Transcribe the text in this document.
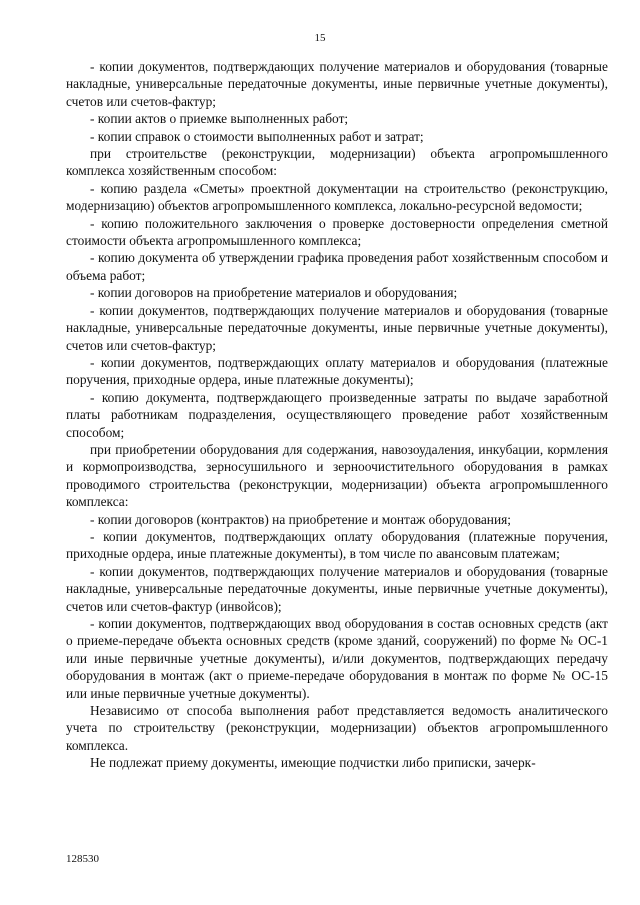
15

- копии документов, подтверждающих получение материалов и оборудования (товарные накладные, универсальные передаточные документы, иные первичные учетные документы), счетов или счетов-фактур;

- копии актов о приемке выполненных работ;

- копии справок о стоимости выполненных работ и затрат;

при строительстве (реконструкции, модернизации) объекта агропромышленного комплекса хозяйственным способом:

- копию раздела «Сметы» проектной документации на строительство (реконструкцию, модернизацию) объектов агропромышленного комплекса, локально-ресурсной ведомости;

- копию положительного заключения о проверке достоверности определения сметной стоимости объекта агропромышленного комплекса;

- копию документа об утверждении графика проведения работ хозяйственным способом и объема работ;

- копии договоров на приобретение материалов и оборудования;

- копии документов, подтверждающих получение материалов и оборудования (товарные накладные, универсальные передаточные документы, иные первичные учетные документы), счетов или счетов-фактур;

- копии документов, подтверждающих оплату материалов и оборудования (платежные поручения, приходные ордера, иные платежные документы);

- копию документа, подтверждающего произведенные затраты по выдаче заработной платы работникам подразделения, осуществляющего проведение работ хозяйственным способом;

при приобретении оборудования для содержания, навозоудаления, инкубации, кормления и кормопроизводства, зерносушильного и зерноочистительного оборудования в рамках проводимого строительства (реконструкции, модернизации) объекта агропромышленного комплекса:

- копии договоров (контрактов) на приобретение и монтаж оборудования;

- копии документов, подтверждающих оплату оборудования (платежные поручения, приходные ордера, иные платежные документы), в том числе по авансовым платежам;

- копии документов, подтверждающих получение материалов и оборудования (товарные накладные, универсальные передаточные документы, иные первичные учетные документы), счетов или счетов-фактур (инвойсов);

- копии документов, подтверждающих ввод оборудования в состав основных средств (акт о приеме-передаче объекта основных средств (кроме зданий, сооружений) по форме № ОС-1 или иные первичные учетные документы), и/или документов, подтверждающих передачу оборудования в монтаж (акт о приеме-передаче оборудования в монтаж по форме № ОС-15 или иные первичные учетные документы).

Независимо от способа выполнения работ представляется ведомость аналитического учета по строительству (реконструкции, модернизации) объектов агропромышленного комплекса.

Не подлежат приему документы, имеющие подчистки либо приписки, зачерк-

128530
